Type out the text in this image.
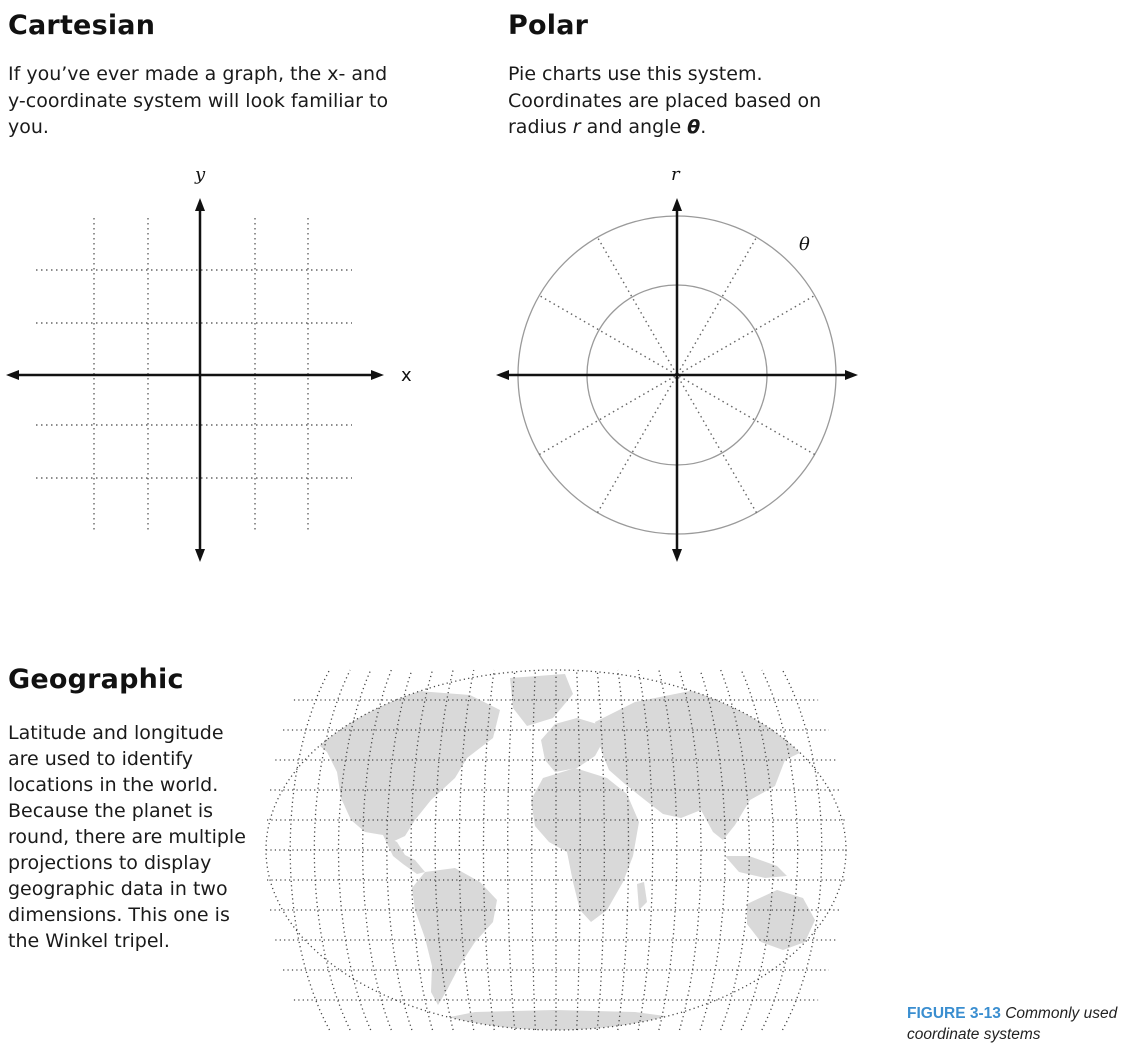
Cartesian

If you’ve ever made a graph, the x- and y-coordinate system will look familiar to you.

y
x
Polar

Pie charts use this system. Coordinates are placed based on radius r and angle θ.

r
θ
Geographic

Latitude and longitude are used to identify locations in the world. Because the planet is round, there are multiple projections to display geographic data in two dimensions. This one is the Winkel tripel.

FIGURE 3-13 Commonly used coordinate systems
